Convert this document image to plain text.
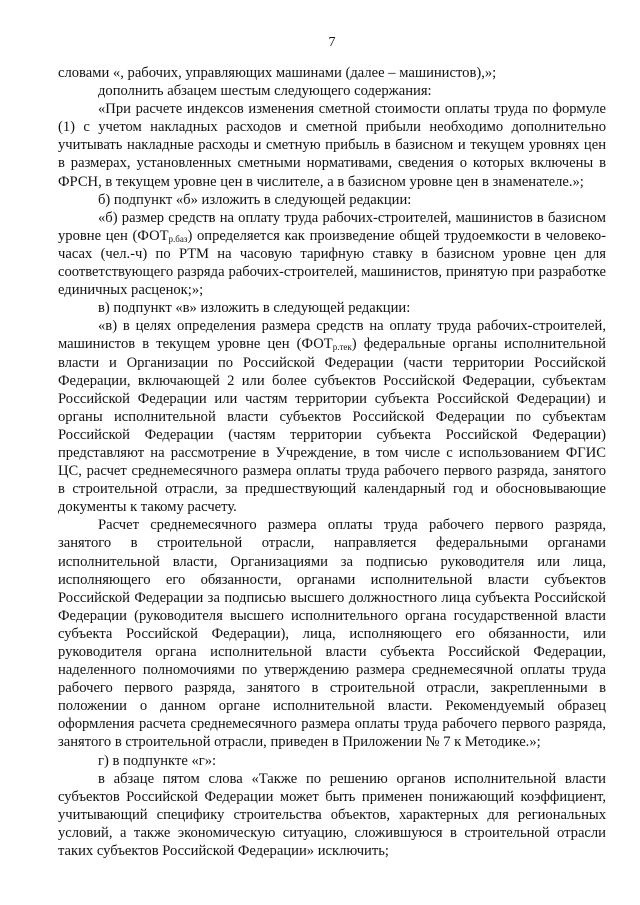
7

словами «, рабочих, управляющих машинами (далее – машинистов),»;

дополнить абзацем шестым следующего содержания:

«При расчете индексов изменения сметной стоимости оплаты труда по формуле (1) с учетом накладных расходов и сметной прибыли необходимо дополнительно учитывать накладные расходы и сметную прибыль в базисном и текущем уровнях цен в размерах, установленных сметными нормативами, сведения о которых включены в ФРСН, в текущем уровне цен в числителе, а в базисном уровне цен в знаменателе.»;

б) подпункт «б» изложить в следующей редакции:

«б) размер средств на оплату труда рабочих-строителей, машинистов в базисном уровне цен $(ФОТ_{р.баз})$ определяется как произведение общей трудоемкости в человеко-часах (чел.-ч) по РТМ на часовую тарифную ставку в базисном уровне цен для соответствующего разряда рабочих-строителей, машинистов, принятую при разработке единичных расценок;»;

в) подпункт «в» изложить в следующей редакции:

«в) в целях определения размера средств на оплату труда рабочих-строителей, машинистов в текущем уровне цен $(ФОТ_{р.тек})$ федеральные органы исполнительной власти и Организации по Российской Федерации (части территории Российской Федерации, включающей 2 или более субъектов Российской Федерации, субъектам Российской Федерации или частям территории субъекта Российской Федерации) и органы исполнительной власти субъектов Российской Федерации по субъектам Российской Федерации (частям территории субъекта Российской Федерации) представляют на рассмотрение в Учреждение, в том числе с использованием ФГИС ЦС, расчет среднемесячного размера оплаты труда рабочего первого разряда, занятого в строительной отрасли, за предшествующий календарный год и обосновывающие документы к такому расчету.

Расчет среднемесячного размера оплаты труда рабочего первого разряда, занятого в строительной отрасли, направляется федеральными органами исполнительной власти, Организациями за подписью руководителя или лица, исполняющего его обязанности, органами исполнительной власти субъектов Российской Федерации за подписью высшего должностного лица субъекта Российской Федерации (руководителя высшего исполнительного органа государственной власти субъекта Российской Федерации), лица, исполняющего его обязанности, или руководителя органа исполнительной власти субъекта Российской Федерации, наделенного полномочиями по утверждению размера среднемесячной оплаты труда рабочего первого разряда, занятого в строительной отрасли, закрепленными в положении о данном органе исполнительной власти. Рекомендуемый образец оформления расчета среднемесячного размера оплаты труда рабочего первого разряда, занятого в строительной отрасли, приведен в Приложении № 7 к Методике.»;

г) в подпункте «г»:

в абзаце пятом слова «Также по решению органов исполнительной власти субъектов Российской Федерации может быть применен понижающий коэффициент, учитывающий специфику строительства объектов, характерных для региональных условий, а также экономическую ситуацию, сложившуюся в строительной отрасли таких субъектов Российской Федерации» исключить;
